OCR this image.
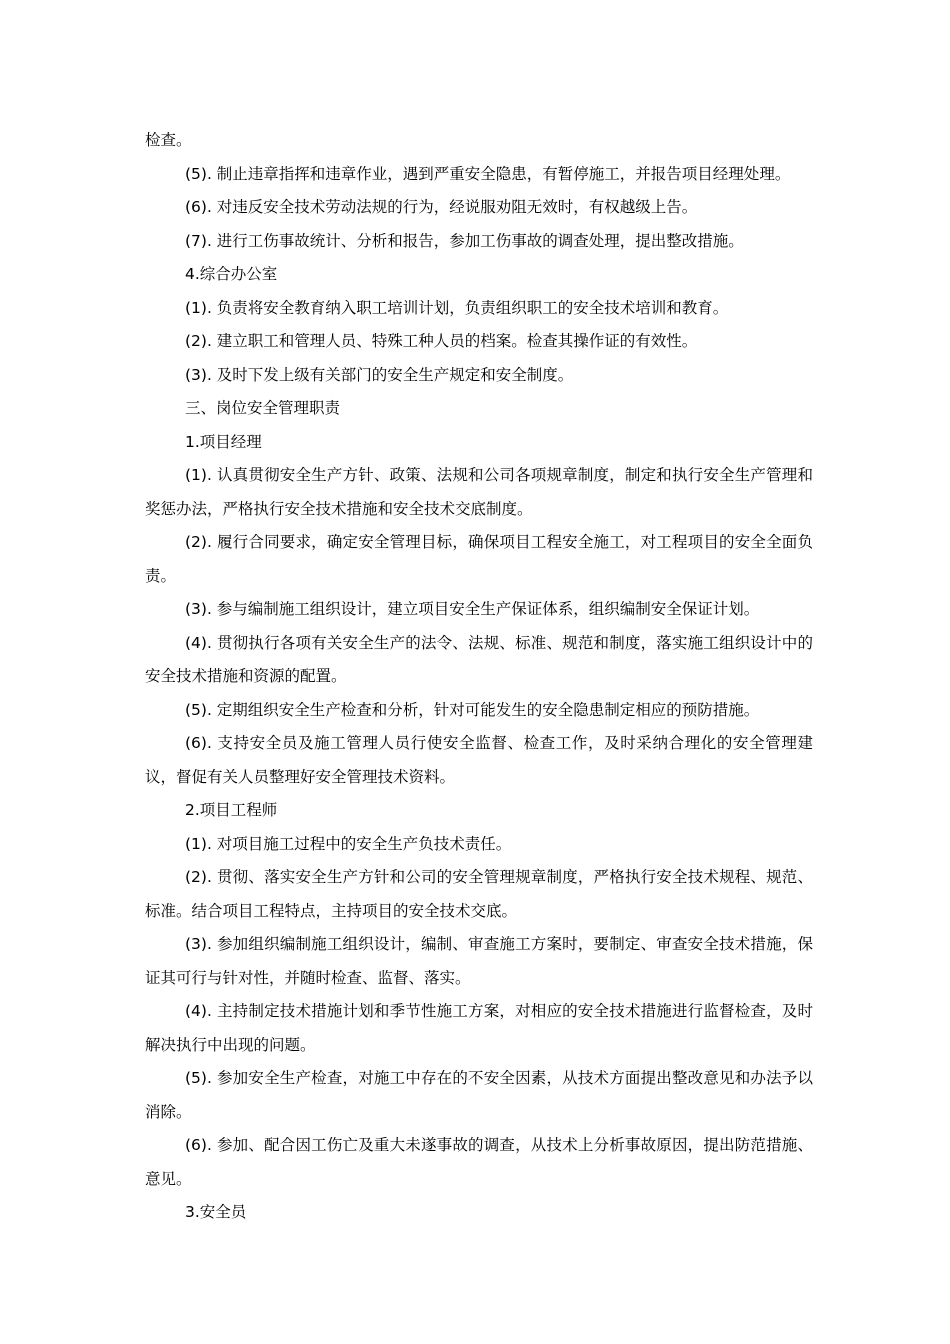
检查。

(5). 制止违章指挥和违章作业，遇到严重安全隐患，有暂停施工，并报告项目经理处理。

(6). 对违反安全技术劳动法规的行为，经说服劝阻无效时，有权越级上告。

(7). 进行工伤事故统计、分析和报告，参加工伤事故的调查处理，提出整改措施。

4.综合办公室

(1). 负责将安全教育纳入职工培训计划，负责组织职工的安全技术培训和教育。

(2). 建立职工和管理人员、特殊工种人员的档案。检查其操作证的有效性。

(3). 及时下发上级有关部门的安全生产规定和安全制度。

三、岗位安全管理职责

1.项目经理

(1). 认真贯彻安全生产方针、政策、法规和公司各项规章制度，制定和执行安全生产管理和奖惩办法，严格执行安全技术措施和安全技术交底制度。

(2). 履行合同要求，确定安全管理目标，确保项目工程安全施工，对工程项目的安全全面负责。

(3). 参与编制施工组织设计，建立项目安全生产保证体系，组织编制安全保证计划。

(4). 贯彻执行各项有关安全生产的法令、法规、标准、规范和制度，落实施工组织设计中的安全技术措施和资源的配置。

(5). 定期组织安全生产检查和分析，针对可能发生的安全隐患制定相应的预防措施。

(6). 支持安全员及施工管理人员行使安全监督、检查工作，及时采纳合理化的安全管理建议，督促有关人员整理好安全管理技术资料。

2.项目工程师

(1). 对项目施工过程中的安全生产负技术责任。

(2). 贯彻、落实安全生产方针和公司的安全管理规章制度，严格执行安全技术规程、规范、标准。结合项目工程特点，主持项目的安全技术交底。

(3). 参加组织编制施工组织设计，编制、审查施工方案时，要制定、审查安全技术措施，保证其可行与针对性，并随时检查、监督、落实。

(4). 主持制定技术措施计划和季节性施工方案，对相应的安全技术措施进行监督检查，及时解决执行中出现的问题。

(5). 参加安全生产检查，对施工中存在的不安全因素，从技术方面提出整改意见和办法予以消除。

(6). 参加、配合因工伤亡及重大未遂事故的调查，从技术上分析事故原因，提出防范措施、意见。

3.安全员
